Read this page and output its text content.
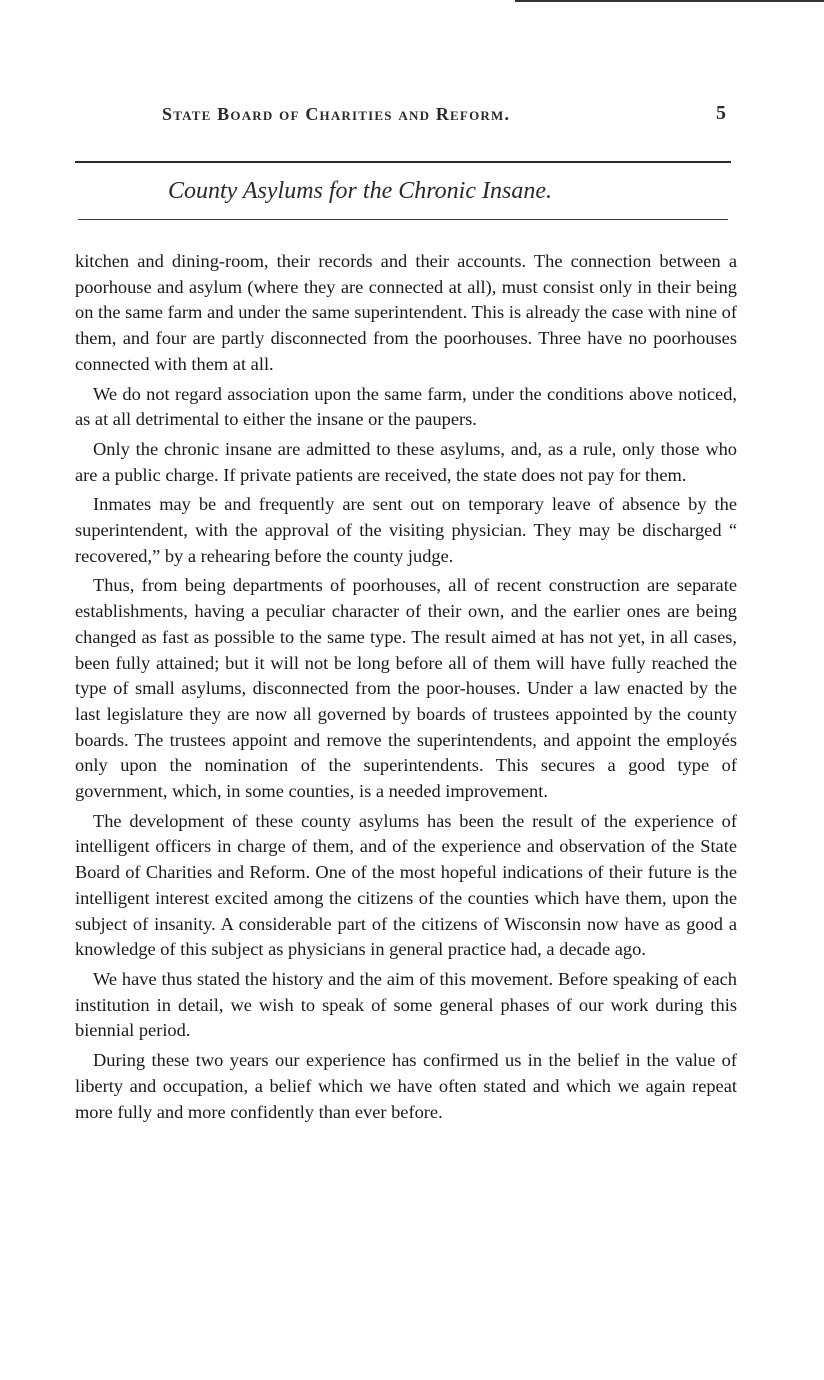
State Board of Charities and Reform.	5
County Asylums for the Chronic Insane.

kitchen and dining-room, their records and their accounts. The connection between a poorhouse and asylum (where they are connected at all), must consist only in their being on the same farm and under the same superintendent. This is already the case with nine of them, and four are partly disconnected from the poorhouses. Three have no poorhouses connected with them at all.

We do not regard association upon the same farm, under the conditions above noticed, as at all detrimental to either the insane or the paupers.

Only the chronic insane are admitted to these asylums, and, as a rule, only those who are a public charge. If private patients are received, the state does not pay for them.

Inmates may be and frequently are sent out on temporary leave of absence by the superintendent, with the approval of the visiting physician. They may be discharged “ recovered,” by a rehearing before the county judge.

Thus, from being departments of poorhouses, all of recent construction are separate establishments, having a peculiar character of their own, and the earlier ones are being changed as fast as possible to the same type. The result aimed at has not yet, in all cases, been fully attained; but it will not be long before all of them will have fully reached the type of small asylums, disconnected from the poor-houses. Under a law enacted by the last legislature they are now all governed by boards of trustees appointed by the county boards. The trustees appoint and remove the superintendents, and appoint the employés only upon the nomination of the superintendents. This secures a good type of government, which, in some counties, is a needed improvement.

The development of these county asylums has been the result of the experience of intelligent officers in charge of them, and of the experience and observation of the State Board of Charities and Reform. One of the most hopeful indications of their future is the intelligent interest excited among the citizens of the counties which have them, upon the subject of insanity. A considerable part of the citizens of Wisconsin now have as good a knowledge of this subject as physicians in general practice had, a decade ago.

We have thus stated the history and the aim of this movement. Before speaking of each institution in detail, we wish to speak of some general phases of our work during this biennial period.

During these two years our experience has confirmed us in the belief in the value of liberty and occupation, a belief which we have often stated and which we again repeat more fully and more confidently than ever before.
